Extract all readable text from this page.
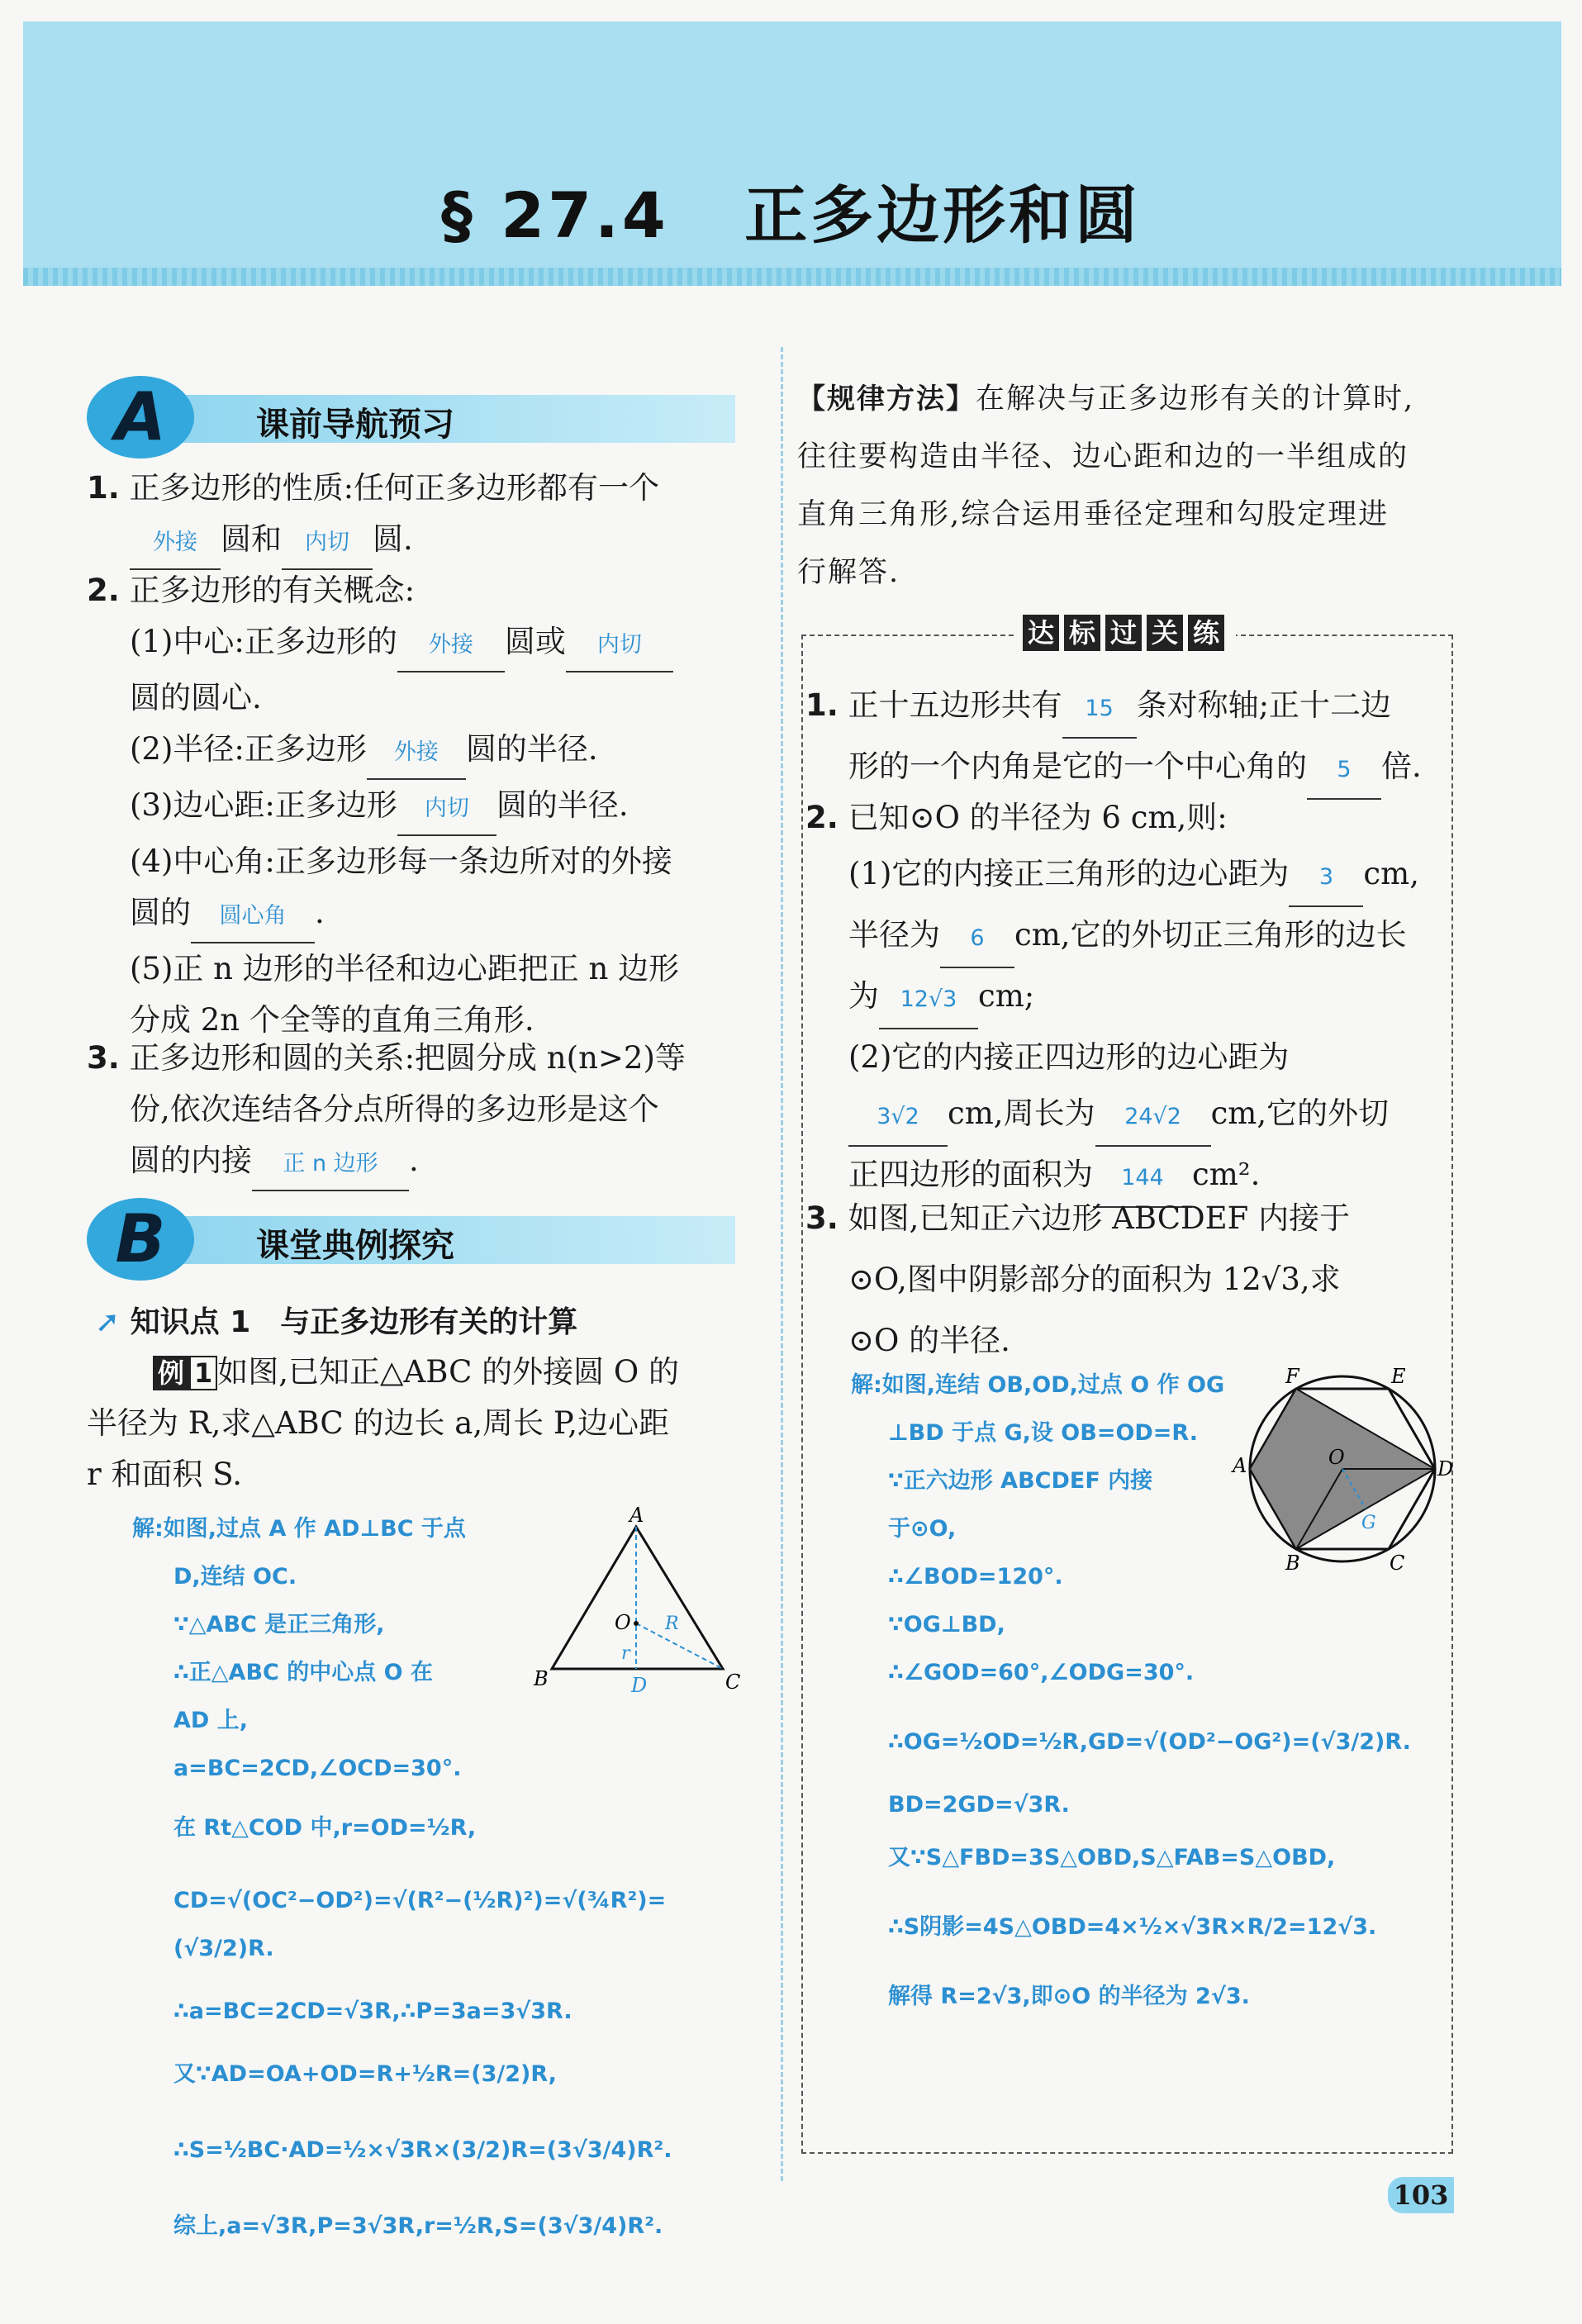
§ 27.4 正多边形和圆
A	课前导航预习
1. 正多边形的性质:任何正多边形都有一个
外接 圆和 内切 圆.
2. 正多边形的有关概念:
(1)中心:正多边形的 外接 圆或 内切
圆的圆心.
(2)半径:正多边形 外接 圆的半径.
(3)边心距:正多边形 内切 圆的半径.
(4)中心角:正多边形每一条边所对的外接
圆的 圆心角 .
(5)正 n 边形的半径和边心距把正 n 边形
分成 2n 个全等的直角三角形.
3. 正多边形和圆的关系:把圆分成 n(n>2)等
份,依次连结各分点所得的多边形是这个
圆的内接 正 n 边形 .
B	课堂典例探究
➚ 知识点 1　与正多边形有关的计算
例 1 如图,已知正△ABC 的外接圆 O 的
半径为 R,求△ABC 的边长 a,周长 P,边心距
r 和面积 S.
解:如图,过点 A 作 AD⊥BC 于点
D,连结 OC.
∵△ABC 是正三角形,
∴正△ABC 的中心点 O 在
AD 上,
a=BC=2CD,∠OCD=30°.
在 Rt△COD 中,r=OD=½R,
CD=√(OC²−OD²)=√(R²−(½R)²)=√(¾R²)=(√3/2)R.
∴a=BC=2CD=√3R,∴P=3a=3√3R.
又∵AD=OA+OD=R+½R=(3/2)R,
∴S=½BC·AD=½×√3R×(3/2)R=(3√3/4)R².
综上,a=√3R,P=3√3R,r=½R,S=(3√3/4)R².
A
B	C
D
O R
r
【规律方法】在解决与正多边形有关的计算时,
往往要构造由半径、边心距和边的一半组成的
直角三角形,综合运用垂径定理和勾股定理进
行解答.
达 标 过 关 练
1. 正十五边形共有 15 条对称轴;正十二边
形的一个内角是它的一个中心角的 5 倍.
2. 已知⊙O 的半径为 6 cm,则:
(1)它的内接正三角形的边心距为 3 cm,
半径为 6 cm,它的外切正三角形的边长
为 12√3 cm;
(2)它的内接正四边形的边心距为
3√2 cm,周长为 24√2 cm,它的外切
正四边形的面积为 144 cm².
3. 如图,已知正六边形 ABCDEF 内接于
⊙O,图中阴影部分的面积为 12√3,求
⊙O 的半径.
解:如图,连结 OB,OD,过点 O 作 OG
⊥BD 于点 G,设 OB=OD=R.
∵正六边形 ABCDEF 内接
于⊙O,
∴∠BOD=120°.
∵OG⊥BD,
∴∠GOD=60°,∠ODG=30°.
∴OG=½OD=½R,GD=√(OD²−OG²)=(√3/2)R.
BD=2GD=√3R.
又∵S△FBD=3S△OBD,S△FAB=S△OBD,
∴S阴影=4S△OBD=4×½×√3R×R/2=12√3.
解得 R=2√3,即⊙O 的半径为 2√3.
F	E
A	D
B	C
O
G
103
